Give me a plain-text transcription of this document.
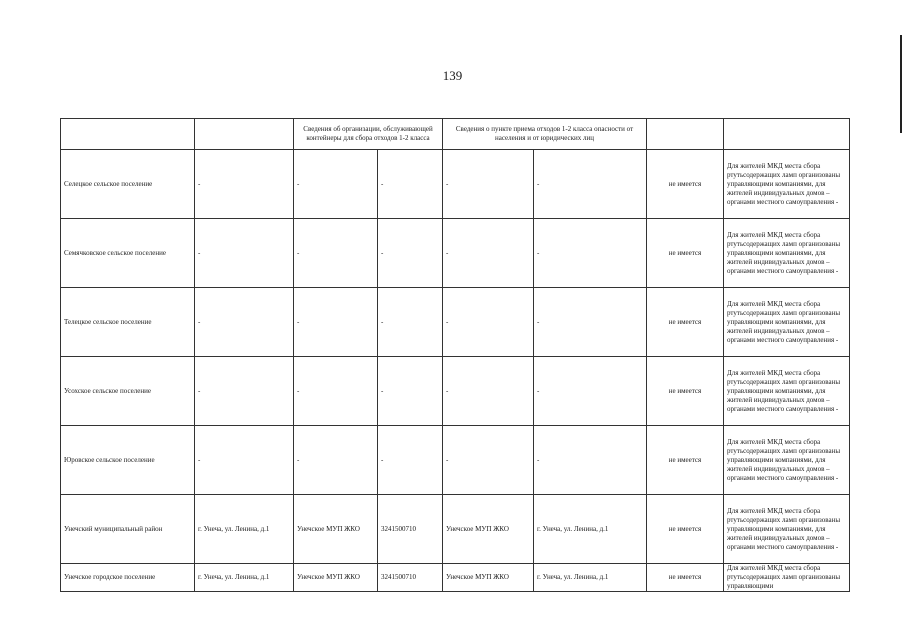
139
		Сведения об организации, обслуживающей контейнеры для сбора отходов 1-2 класса		Сведения о пункте приема отходов 1-2 класса опасности от населения и от юридических лиц			
Селецкое сельское поселение	-	-	-	-	-	не имеется	Для жителей МКД места сбора ртутьсодержащих ламп организованы управляющими компаниями, для жителей индивидуальных домов – органами местного самоуправления -
Семячковское сельское поселение	-	-	-	-	-	не имеется	Для жителей МКД места сбора ртутьсодержащих ламп организованы управляющими компаниями, для жителей индивидуальных домов – органами местного самоуправления -
Телецкое сельское поселение	-	-	-	-	-	не имеется	Для жителей МКД места сбора ртутьсодержащих ламп организованы управляющими компаниями, для жителей индивидуальных домов – органами местного самоуправления -
Усохское сельское поселение	-	-	-	-	-	не имеется	Для жителей МКД места сбора ртутьсодержащих ламп организованы управляющими компаниями, для жителей индивидуальных домов – органами местного самоуправления -
Юровское сельское поселение	-	-	-	-	-	не имеется	Для жителей МКД места сбора ртутьсодержащих ламп организованы управляющими компаниями, для жителей индивидуальных домов – органами местного самоуправления -
Унечский муниципальный район	г. Унеча, ул. Ленина, д.1	Унечское МУП ЖКО	3241500710	Унечское МУП ЖКО	г. Унеча, ул. Ленина, д.1	не имеется	Для жителей МКД места сбора ртутьсодержащих ламп организованы управляющими компаниями, для жителей индивидуальных домов – органами местного самоуправления -
Унечское городское поселение	г. Унеча, ул. Ленина, д.1	Унечское МУП ЖКО	3241500710	Унечское МУП ЖКО	г. Унеча, ул. Ленина, д.1	не имеется	Для жителей МКД места сбора ртутьсодержащих ламп организованы управляющими
